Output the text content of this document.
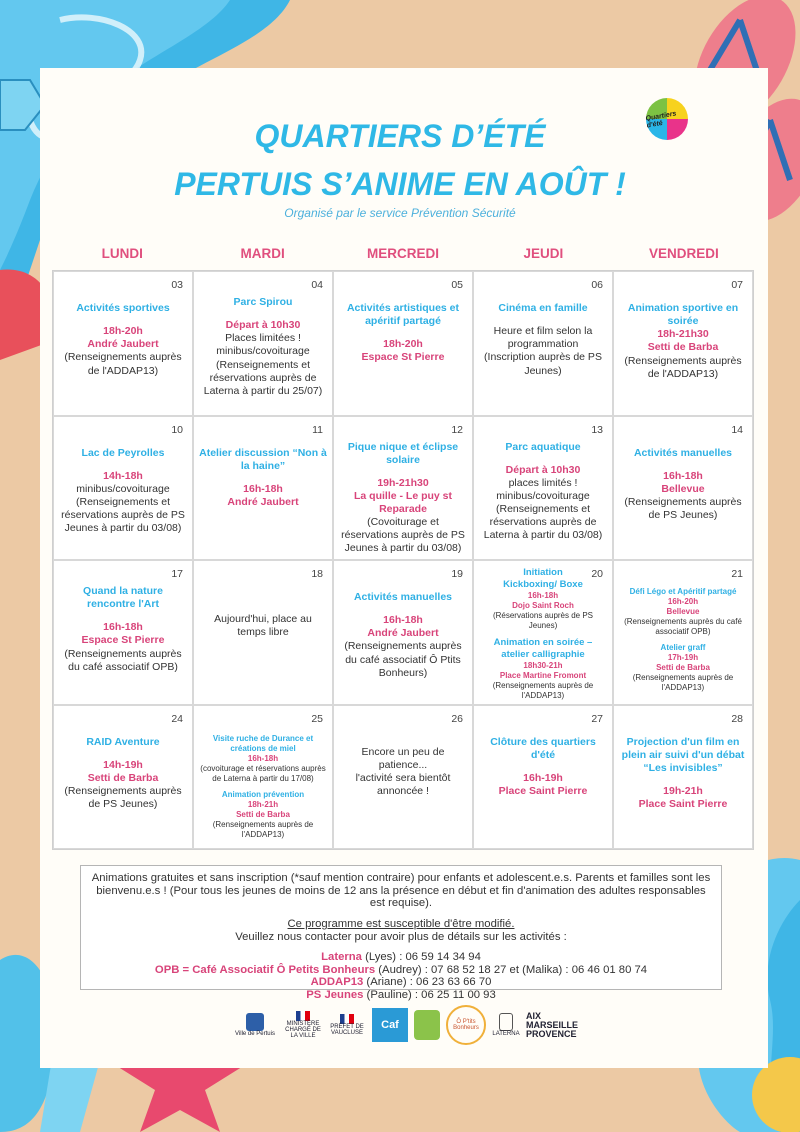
Quartiers d'été
QUARTIERS D’ÉTÉ
PERTUIS S’ANIME EN AOÛT !
Organisé par le service Prévention Sécurité
LUNDI	MARDI	MERCREDI	JEUDI	VENDREDI
03
Activités sportives
18h-20h
André Jaubert
(Renseignements auprès de l'ADDAP13)
04
Parc Spirou
Départ à 10h30
Places limitées !
minibus/covoiturage
(Renseignements et réservations auprès de Laterna à partir du 25/07)
05
Activités artistiques et apéritif partagé
18h-20h
Espace St Pierre
06
Cinéma en famille
Heure et film selon la programmation
(Inscription auprès de PS Jeunes)
07
Animation sportive en soirée
18h-21h30
Setti de Barba
(Renseignements auprès de l'ADDAP13)
10
Lac de Peyrolles
14h-18h
minibus/covoiturage
(Renseignements et réservations auprès de PS Jeunes à partir du 03/08)
11
Atelier discussion “Non à la haine”
16h-18h
André Jaubert
12
Pique nique et éclipse solaire
19h-21h30
La quille - Le puy st Reparade
(Covoiturage et réservations auprès de PS Jeunes à partir du 03/08)
13
Parc aquatique
Départ à 10h30
places limités !
minibus/covoiturage
(Renseignements et réservations auprès de Laterna à partir du 03/08)
14
Activités manuelles
16h-18h
Bellevue
(Renseignements auprès de PS Jeunes)
17
Quand la nature rencontre l'Art
16h-18h
Espace St Pierre
(Renseignements auprès du café associatif OPB)
18
Aujourd'hui, place au temps libre
19
Activités manuelles
16h-18h
André Jaubert
(Renseignements auprès du café associatif Ô Ptits Bonheurs)
20
Initiation Kickboxing/ Boxe
16h-18h
Dojo Saint Roch
(Réservations auprès de PS Jeunes)
Animation en soirée – atelier calligraphie
18h30-21h
Place Martine Fromont
(Renseignements auprès de l'ADDAP13)
21
Défi Légo et Apéritif partagé
16h-20h
Bellevue
(Renseignements auprès du café associatif OPB)
Atelier graff
17h-19h
Setti de Barba
(Renseignements auprès de l'ADDAP13)
24
RAID Aventure
14h-19h
Setti de Barba
(Renseignements auprès de PS Jeunes)
25
Visite ruche de Durance et créations de miel
16h-18h
(covoiturage et réservations auprès de Laterna à partir du 17/08)
Animation prévention
18h-21h
Setti de Barba
(Renseignements auprès de l'ADDAP13)
26
Encore un peu de patience...
l'activité sera bientôt annoncée !
27
Clôture des quartiers d'été
16h-19h
Place Saint Pierre
28
Projection d'un film en plein air suivi d'un débat “Les invisibles”
19h-21h
Place Saint Pierre
Animations gratuites et sans inscription (*sauf mention contraire) pour enfants et adolescent.e.s. Parents et familles sont les bienvenu.e.s ! (Pour tous les jeunes de moins de 12 ans la présence en début et fin d'animation des adultes responsables est requise).
Ce programme est susceptible d'être modifié.
Veuillez nous contacter pour avoir plus de détails sur les activités :
Laterna (Lyes) : 06 59 14 34 94
OPB = Café Associatif Ô Petits Bonheurs (Audrey) : 07 68 52 18 27 et (Malika) : 06 46 01 80 74
ADDAP13 (Ariane) : 06 23 63 66 70
PS Jeunes (Pauline) : 06 25 11 00 93
Ville de Pertuis
MINISTÈRE CHARGÉ DE LA VILLE
PRÉFET DE VAUCLUSE
Caf	Ô P'tits Bonheurs
LATERNA
AIX MARSEILLE PROVENCE
